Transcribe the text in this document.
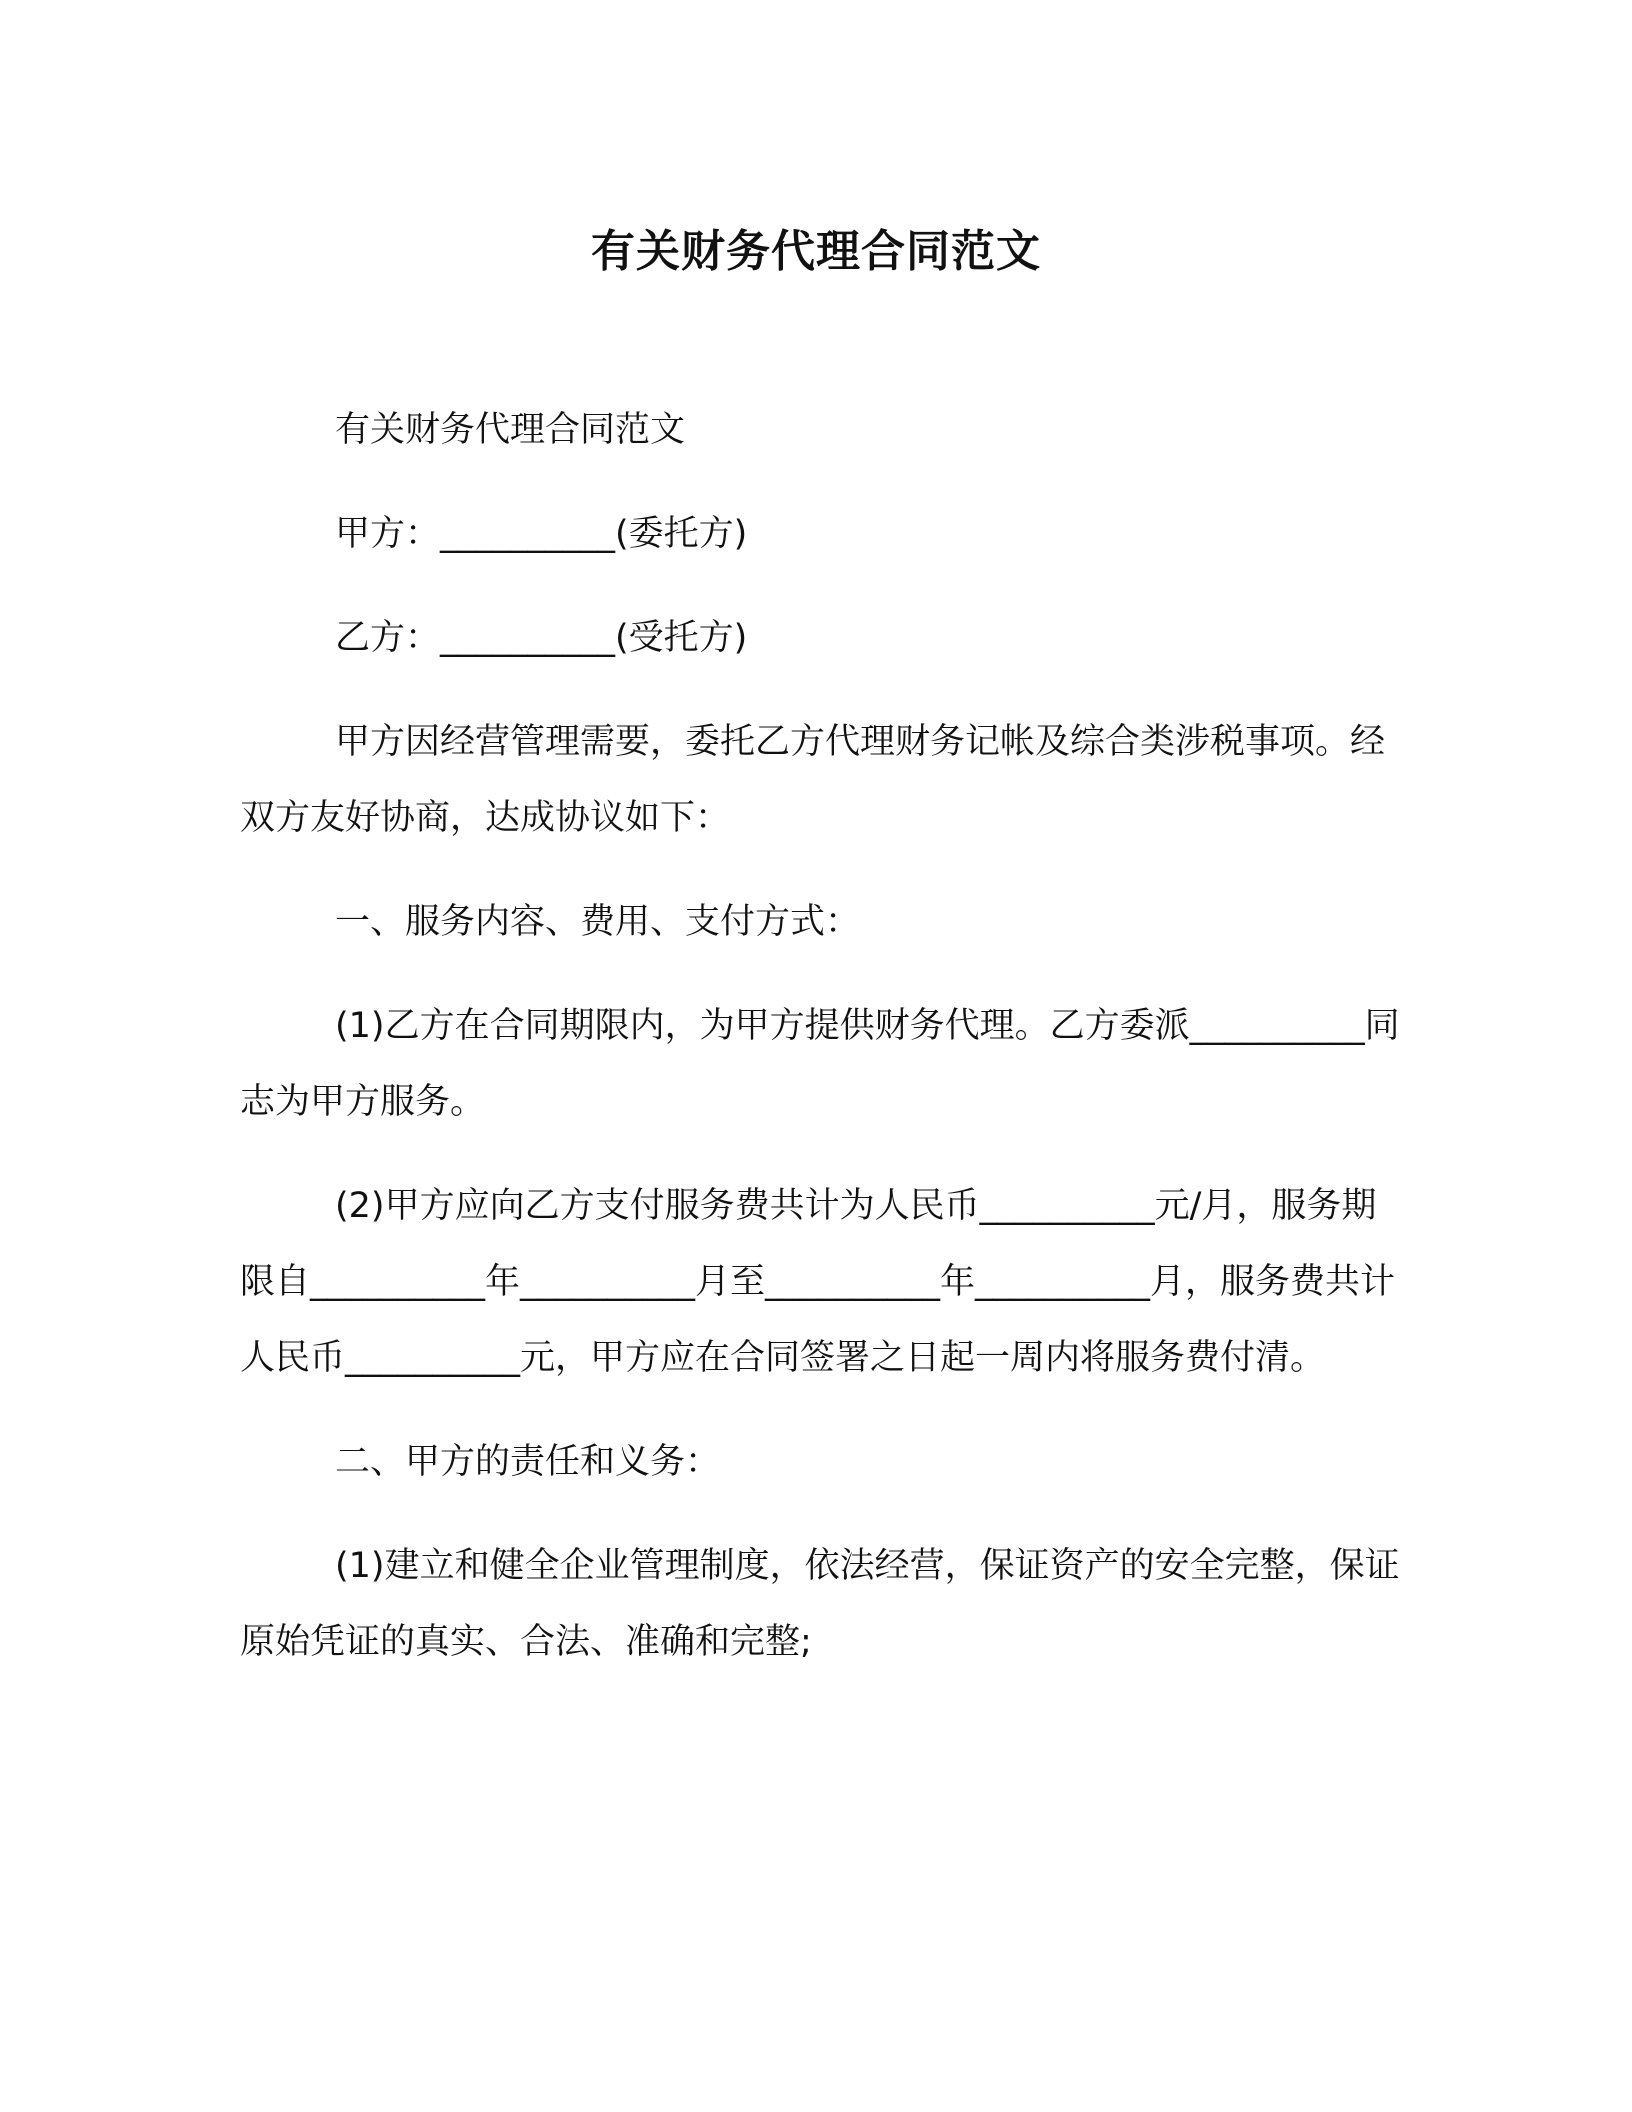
有关财务代理合同范文

有关财务代理合同范文

甲方：__________(委托方)

乙方：__________(受托方)

甲方因经营管理需要，委托乙方代理财务记帐及综合类涉税事项。经双方友好协商，达成协议如下：

一、服务内容、费用、支付方式：

(1)乙方在合同期限内，为甲方提供财务代理。乙方委派__________同志为甲方服务。

(2)甲方应向乙方支付服务费共计为人民币__________元/月，服务期限自__________年__________月至__________年__________月，服务费共计人民币__________元，甲方应在合同签署之日起一周内将服务费付清。

二、甲方的责任和义务：

(1)建立和健全企业管理制度，依法经营，保证资产的安全完整，保证原始凭证的真实、合法、准确和完整;
